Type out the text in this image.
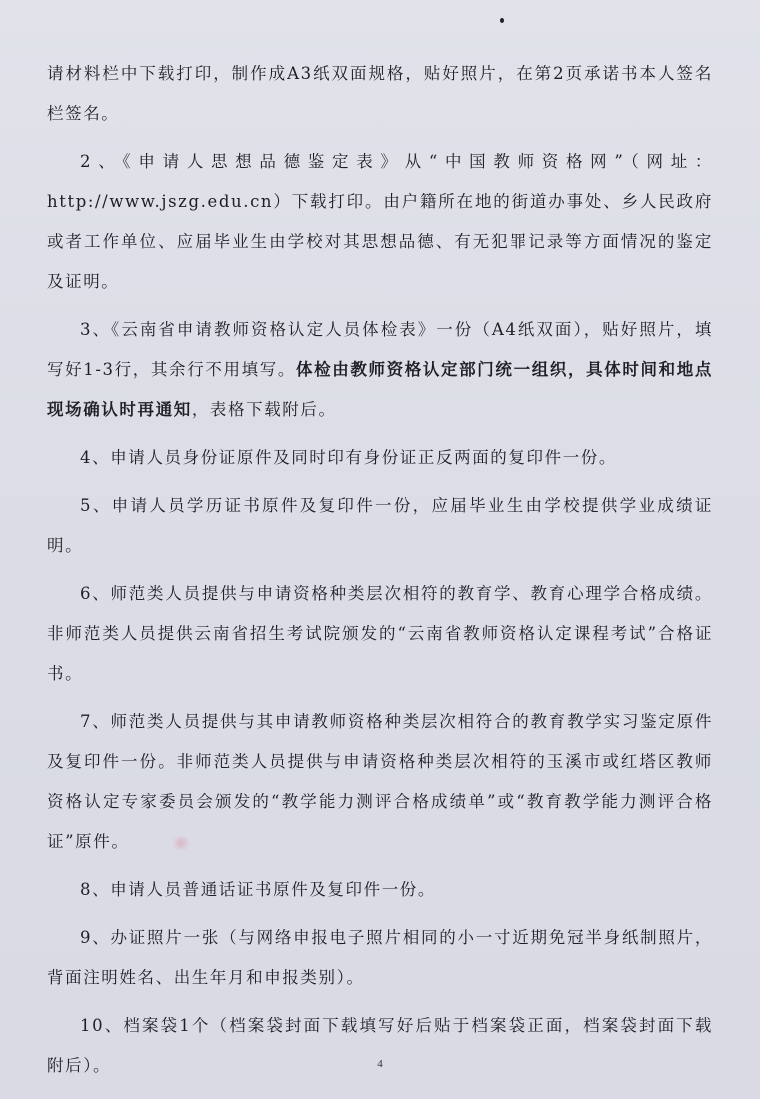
请材料栏中下载打印，制作成A3纸双面规格，贴好照片，在第2页承诺书本人签名栏签名。

2、《申请人思想品德鉴定表》从“中国教师资格网”（网址：http://www.jszg.edu.cn）下载打印。由户籍所在地的街道办事处、乡人民政府或者工作单位、应届毕业生由学校对其思想品德、有无犯罪记录等方面情况的鉴定及证明。

3、《云南省申请教师资格认定人员体检表》一份（A4纸双面），贴好照片，填写好1-3行，其余行不用填写。体检由教师资格认定部门统一组织，具体时间和地点现场确认时再通知，表格下载附后。

4、申请人员身份证原件及同时印有身份证正反两面的复印件一份。

5、申请人员学历证书原件及复印件一份，应届毕业生由学校提供学业成绩证明。

6、师范类人员提供与申请资格种类层次相符的教育学、教育心理学合格成绩。非师范类人员提供云南省招生考试院颁发的“云南省教师资格认定课程考试”合格证书。

7、师范类人员提供与其申请教师资格种类层次相符合的教育教学实习鉴定原件及复印件一份。非师范类人员提供与申请资格种类层次相符的玉溪市或红塔区教师资格认定专家委员会颁发的“教学能力测评合格成绩单”或“教育教学能力测评合格证”原件。

8、申请人员普通话证书原件及复印件一份。

9、办证照片一张（与网络申报电子照片相同的小一寸近期免冠半身纸制照片，背面注明姓名、出生年月和申报类别）。

10、档案袋1个（档案袋封面下载填写好后贴于档案袋正面，档案袋封面下载附后）。	4
